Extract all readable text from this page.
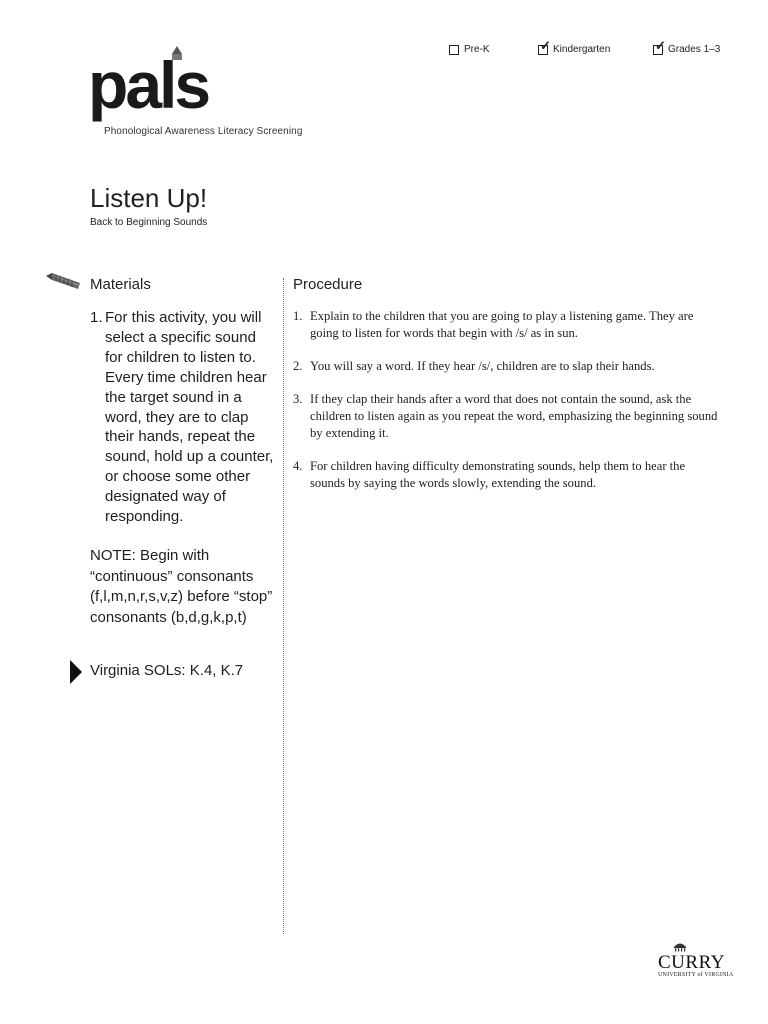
Pre-K	✓ Kindergarten	✓ Grades 1–3
pals
Phonological Awareness Literacy Screening
Listen Up!
Back to Beginning Sounds
Materials
1. For this activity, you will select a specific sound for children to listen to. Every time children hear the target sound in a word, they are to clap their hands, repeat the sound, hold up a counter, or choose some other designated way of responding.
NOTE: Begin with “continuous” consonants (f,l,m,n,r,s,v,z) before “stop” consonants (b,d,g,k,p,t)
Virginia SOLs: K.4, K.7
Procedure
1. Explain to the children that you are going to play a listening game. They are going to listen for words that begin with /s/ as in sun.
2. You will say a word. If they hear /s/, children are to slap their hands.
3. If they clap their hands after a word that does not contain the sound, ask the children to listen again as you repeat the word, emphasizing the beginning sound by extending it.
4. For children having difficulty demonstrating sounds, help them to hear the sounds by saying the words slowly, extending the sound.
CURRY
UNIVERSITY of VIRGINIA
